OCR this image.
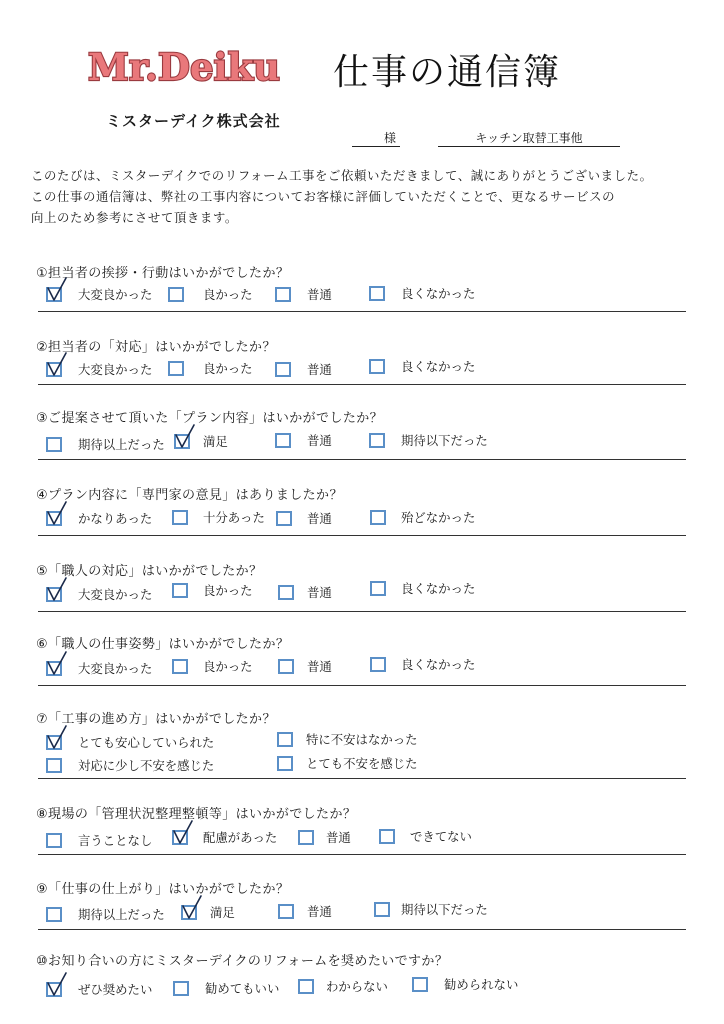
Mr.Deiku 仕事の通信簿
ミスターデイク株式会社
様	キッチン取替工事他
このたびは、ミスターデイクでのリフォーム工事をご依頼いただきまして、誠にありがとうございました。
この仕事の通信簿は、弊社の工事内容についてお客様に評価していただくことで、更なるサービスの
向上のため参考にさせて頂きます。
①担当者の挨拶・行動はいかがでしたか？
大変良かった	良かった	普通	良くなかった
②担当者の「対応」はいかがでしたか？
大変良かった	良かった	普通	良くなかった
③ご提案させて頂いた「プラン内容」はいかがでしたか？
期待以上だった	満足	普通	期待以下だった
④プラン内容に「専門家の意見」はありましたか？
かなりあった	十分あった	普通	殆どなかった
⑤「職人の対応」はいかがでしたか？
大変良かった	良かった	普通	良くなかった
⑥「職人の仕事姿勢」はいかがでしたか？
大変良かった	良かった	普通	良くなかった
⑦「工事の進め方」はいかがでしたか？
とても安心していられた	特に不安はなかった
対応に少し不安を感じた	とても不安を感じた
⑧現場の「管理状況整理整頓等」はいかがでしたか？
言うことなし	配慮があった	普通	できてない
⑨「仕事の仕上がり」はいかがでしたか？
期待以上だった	満足	普通	期待以下だった
⑩お知り合いの方にミスターデイクのリフォームを奨めたいですか？
ぜひ奨めたい	勧めてもいい	わからない	勧められない
